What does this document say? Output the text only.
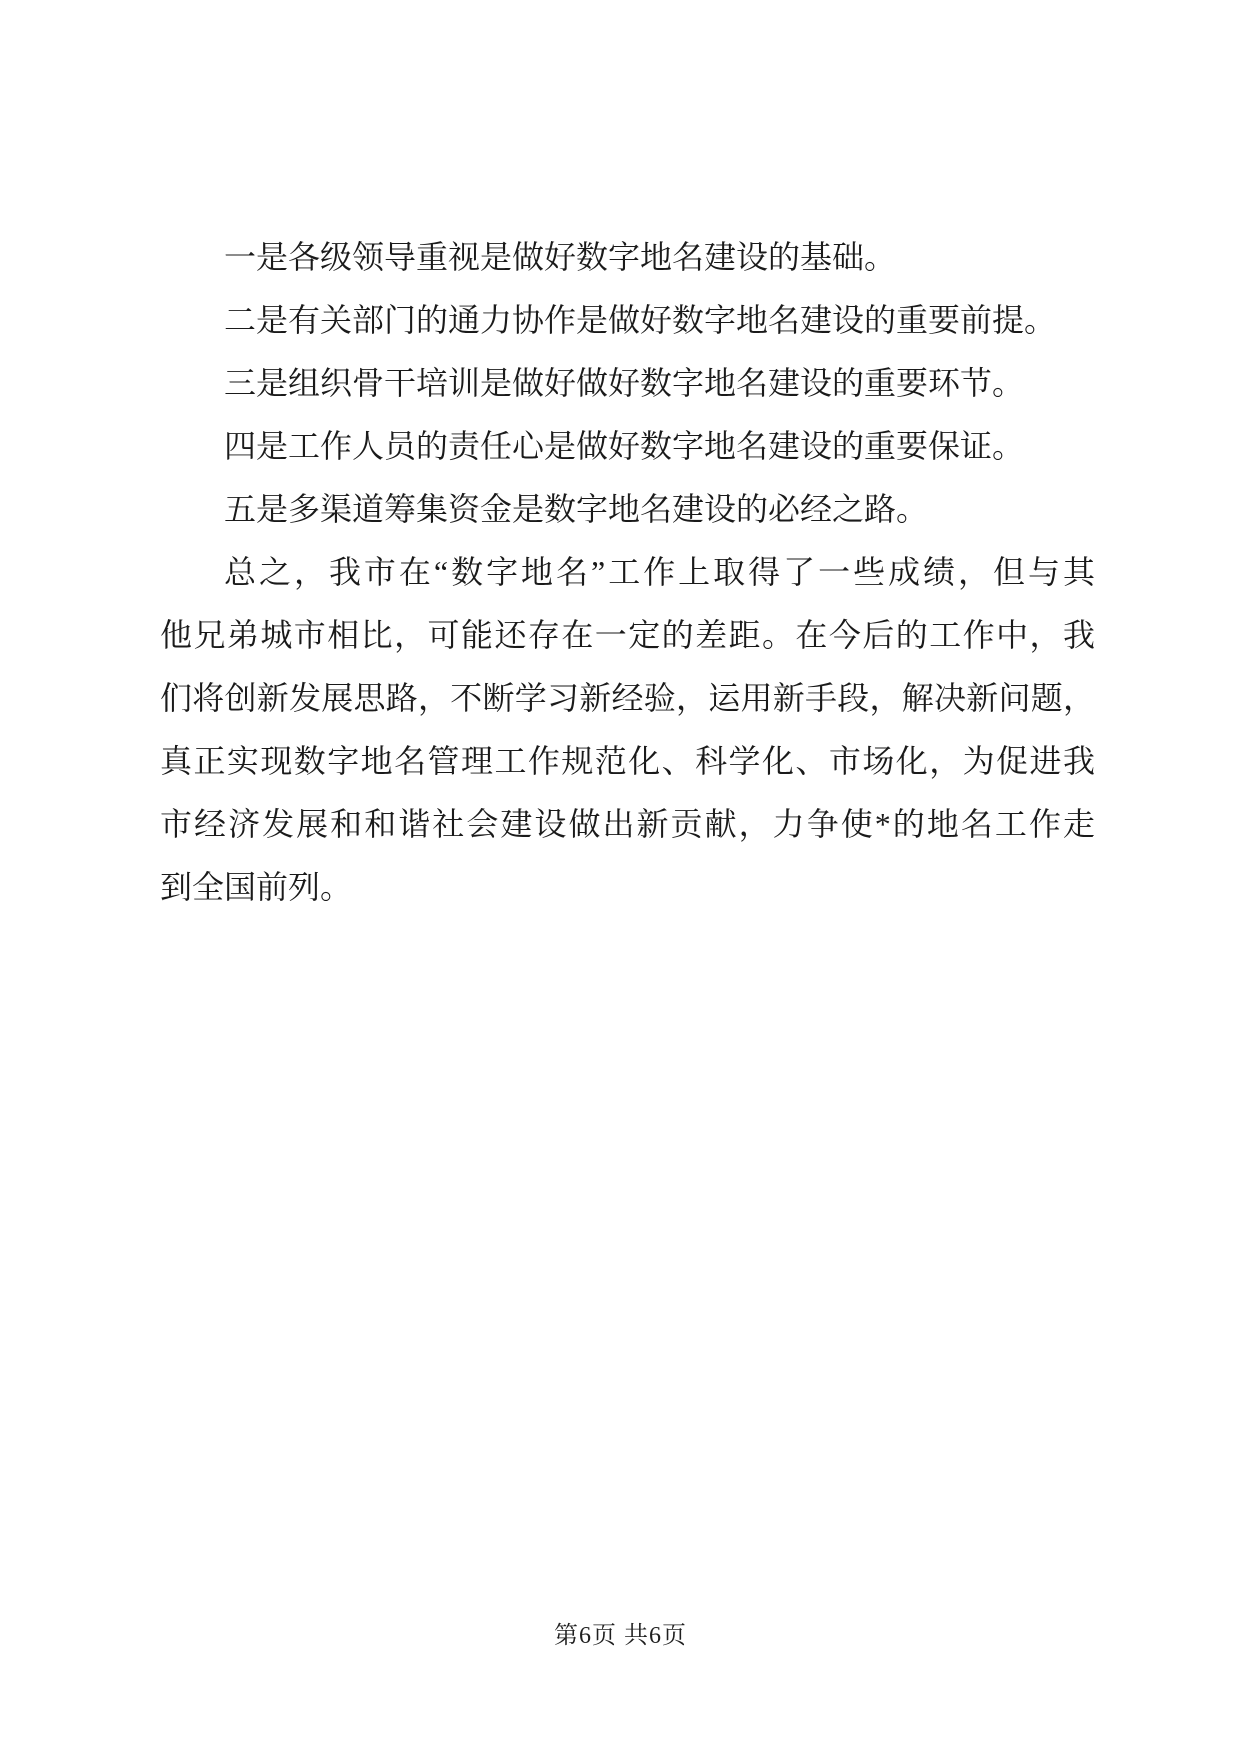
一是各级领导重视是做好数字地名建设的基础。
二是有关部门的通力协作是做好数字地名建设的重要前提。
三是组织骨干培训是做好做好数字地名建设的重要环节。
四是工作人员的责任心是做好数字地名建设的重要保证。
五是多渠道筹集资金是数字地名建设的必经之路。
总之，我市在“数字地名”工作上取得了一些成绩，但与其
他兄弟城市相比，可能还存在一定的差距。在今后的工作中，我
们将创新发展思路，不断学习新经验，运用新手段，解决新问题，
真正实现数字地名管理工作规范化、科学化、市场化，为促进我
市经济发展和和谐社会建设做出新贡献，力争使*的地名工作走
到全国前列。
第6页 共6页
